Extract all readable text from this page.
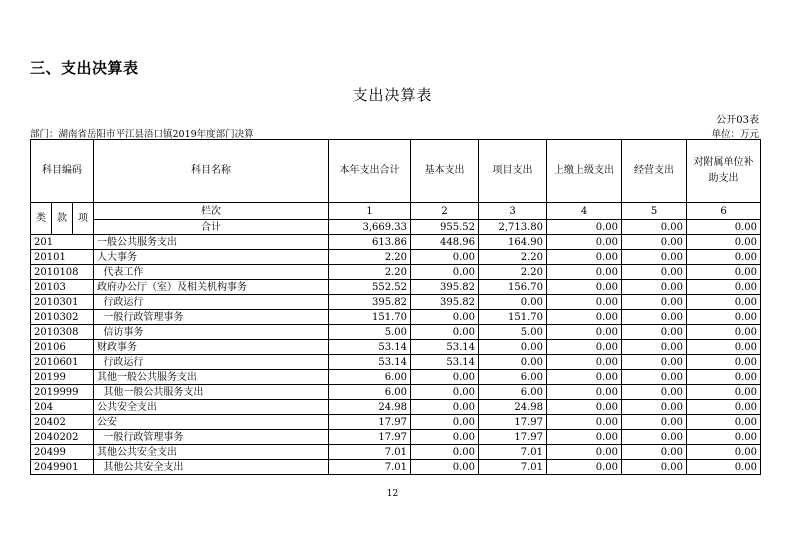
三、支出决算表
支出决算表
公开03表
部门：湖南省岳阳市平江县浯口镇2019年度部门决算	单位：万元
科目编码			科目名称	本年支出合计	基本支出	项目支出	上缴上级支出	经营支出	对附属单位补助支出
类	款	项	栏次	1	2	3	4	5	6
			合计	3,669.33	955.52	2,713.80	0.00	0.00	0.00
201			一般公共服务支出	613.86	448.96	164.90	0.00	0.00	0.00
20101			人大事务	2.20	0.00	2.20	0.00	0.00	0.00
2010108			代表工作	2.20	0.00	2.20	0.00	0.00	0.00
20103			政府办公厅（室）及相关机构事务	552.52	395.82	156.70	0.00	0.00	0.00
2010301			行政运行	395.82	395.82	0.00	0.00	0.00	0.00
2010302			一般行政管理事务	151.70	0.00	151.70	0.00	0.00	0.00
2010308			信访事务	5.00	0.00	5.00	0.00	0.00	0.00
20106			财政事务	53.14	53.14	0.00	0.00	0.00	0.00
2010601			行政运行	53.14	53.14	0.00	0.00	0.00	0.00
20199			其他一般公共服务支出	6.00	0.00	6.00	0.00	0.00	0.00
2019999			其他一般公共服务支出	6.00	0.00	6.00	0.00	0.00	0.00
204			公共安全支出	24.98	0.00	24.98	0.00	0.00	0.00
20402			公安	17.97	0.00	17.97	0.00	0.00	0.00
2040202			一般行政管理事务	17.97	0.00	17.97	0.00	0.00	0.00
20499			其他公共安全支出	7.01	0.00	7.01	0.00	0.00	0.00
2049901			其他公共安全支出	7.01	0.00	7.01	0.00	0.00	0.00
12
